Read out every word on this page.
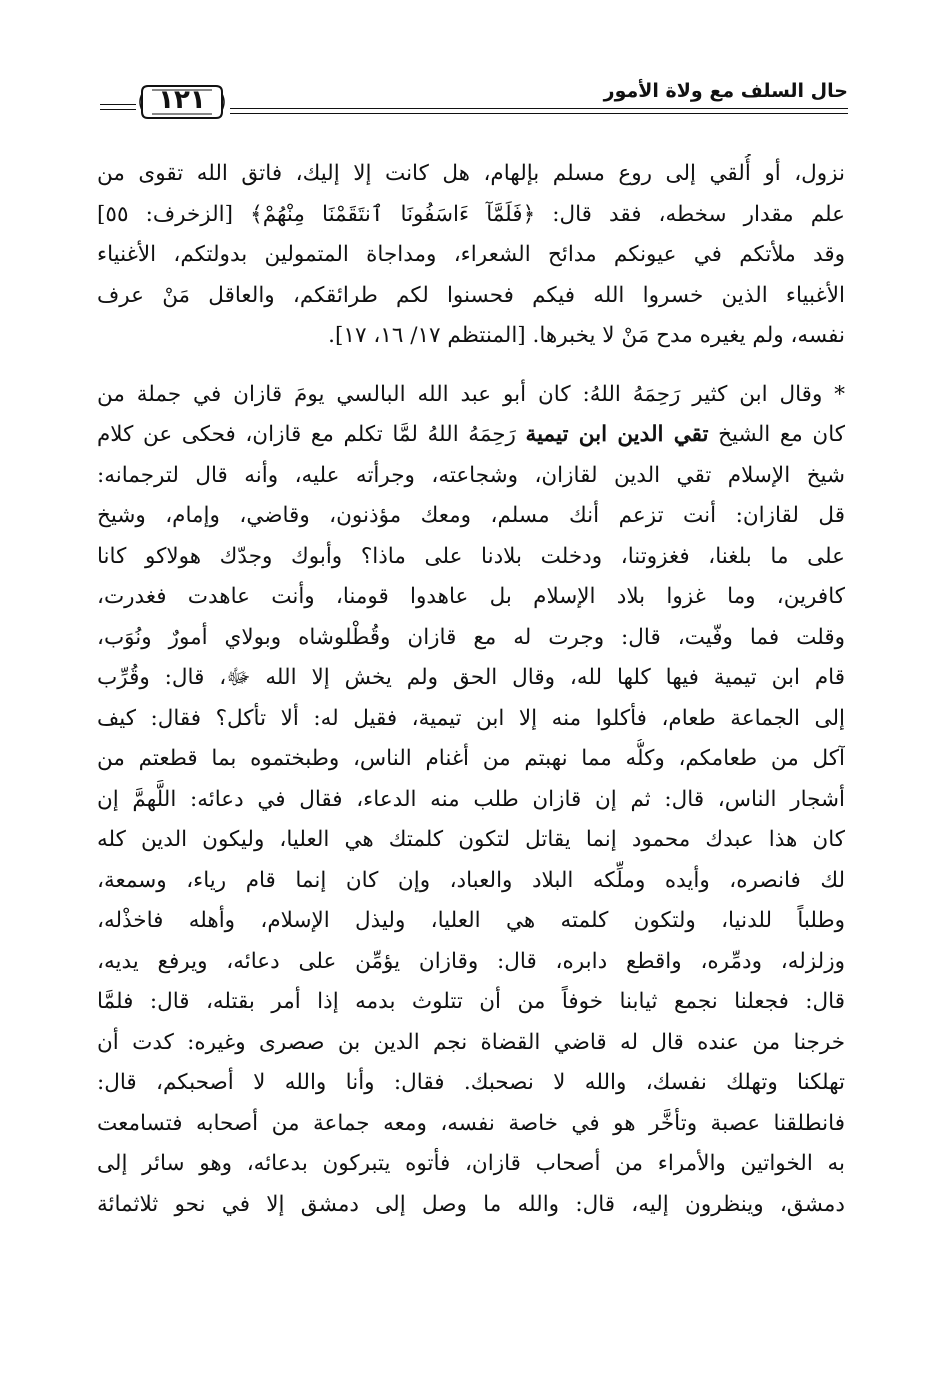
حال السلف مع ولاة الأمور
١٢١
نزول، أو أُلقي إلى روع مسلم بإلهام، هل كانت إلا إليك، فاتق الله تقوى من
علم مقدار سخطه، فقد قال: ﴿فَلَمَّآ ءَاسَفُونَا ٱنتَقَمْنَا مِنْهُمْ﴾ [الزخرف: ٥٥]
وقد ملأتكم في عيونكم مدائح الشعراء، ومداجاة المتمولين بدولتكم، الأغنياء
الأغبياء الذين خسروا الله فيكم فحسنوا لكم طرائقكم، والعاقل مَنْ عرف
نفسه، ولم يغيره مدح مَنْ لا يخبرها. [المنتظم ١٧/ ١٦، ١٧].
* وقال ابن كثير رَحِمَهُ اللهُ: كان أبو عبد الله البالسي يومَ قازان في جملة من
كان مع الشيخ تقي الدين ابن تيمية رَحِمَهُ اللهُ لمَّا تكلم مع قازان، فحكى عن كلام
شيخ الإسلام تقي الدين لقازان، وشجاعته، وجرأته عليه، وأنه قال لترجمانه:
قل لقازان: أنت تزعم أنك مسلم، ومعك مؤذنون، وقاضي، وإمام، وشيخ
على ما بلغنا، فغزوتنا، ودخلت بلادنا على ماذا؟ وأبوك وجدّك هولاكو كانا
كافرين، وما غزوا بلاد الإسلام بل عاهدوا قومنا، وأنت عاهدت فغدرت،
وقلت فما وفّيت، قال: وجرت له مع قازان وقُطْلوشاه وبولاي أمورٌ ونُوَب،
قام ابن تيمية فيها كلها لله، وقال الحق ولم يخش إلا الله ﷻ، قال: وقُرِّب
إلى الجماعة طعام، فأكلوا منه إلا ابن تيمية، فقيل له: ألا تأكل؟ فقال: كيف
آكل من طعامكم، وكلُّه مما نهبتم من أغنام الناس، وطبختموه بما قطعتم من
أشجار الناس، قال: ثم إن قازان طلب منه الدعاء، فقال في دعائه: اللَّهمَّ إن
كان هذا عبدك محمود إنما يقاتل لتكون كلمتك هي العليا، وليكون الدين كله
لك فانصره، وأيده وملِّكه البلاد والعباد، وإن كان إنما قام رياء، وسمعة،
وطلباً للدنيا، ولتكون كلمته هي العليا، وليذل الإسلام، وأهله فاخذْله،
وزلزله، ودمِّره، واقطع دابره، قال: وقازان يؤمِّن على دعائه، ويرفع يديه،
قال: فجعلنا نجمع ثيابنا خوفاً من أن تتلوث بدمه إذا أمر بقتله، قال: فلمَّا
خرجنا من عنده قال له قاضي القضاة نجم الدين بن صصرى وغيره: كدت أن
تهلكنا وتهلك نفسك، والله لا نصحبك. فقال: وأنا والله لا أصحبكم، قال:
فانطلقنا عصبة وتأخَّر هو في خاصة نفسه، ومعه جماعة من أصحابه فتسامعت
به الخواتين والأمراء من أصحاب قازان، فأتوه يتبركون بدعائه، وهو سائر إلى
دمشق، وينظرون إليه، قال: والله ما وصل إلى دمشق إلا في نحو ثلاثمائة
